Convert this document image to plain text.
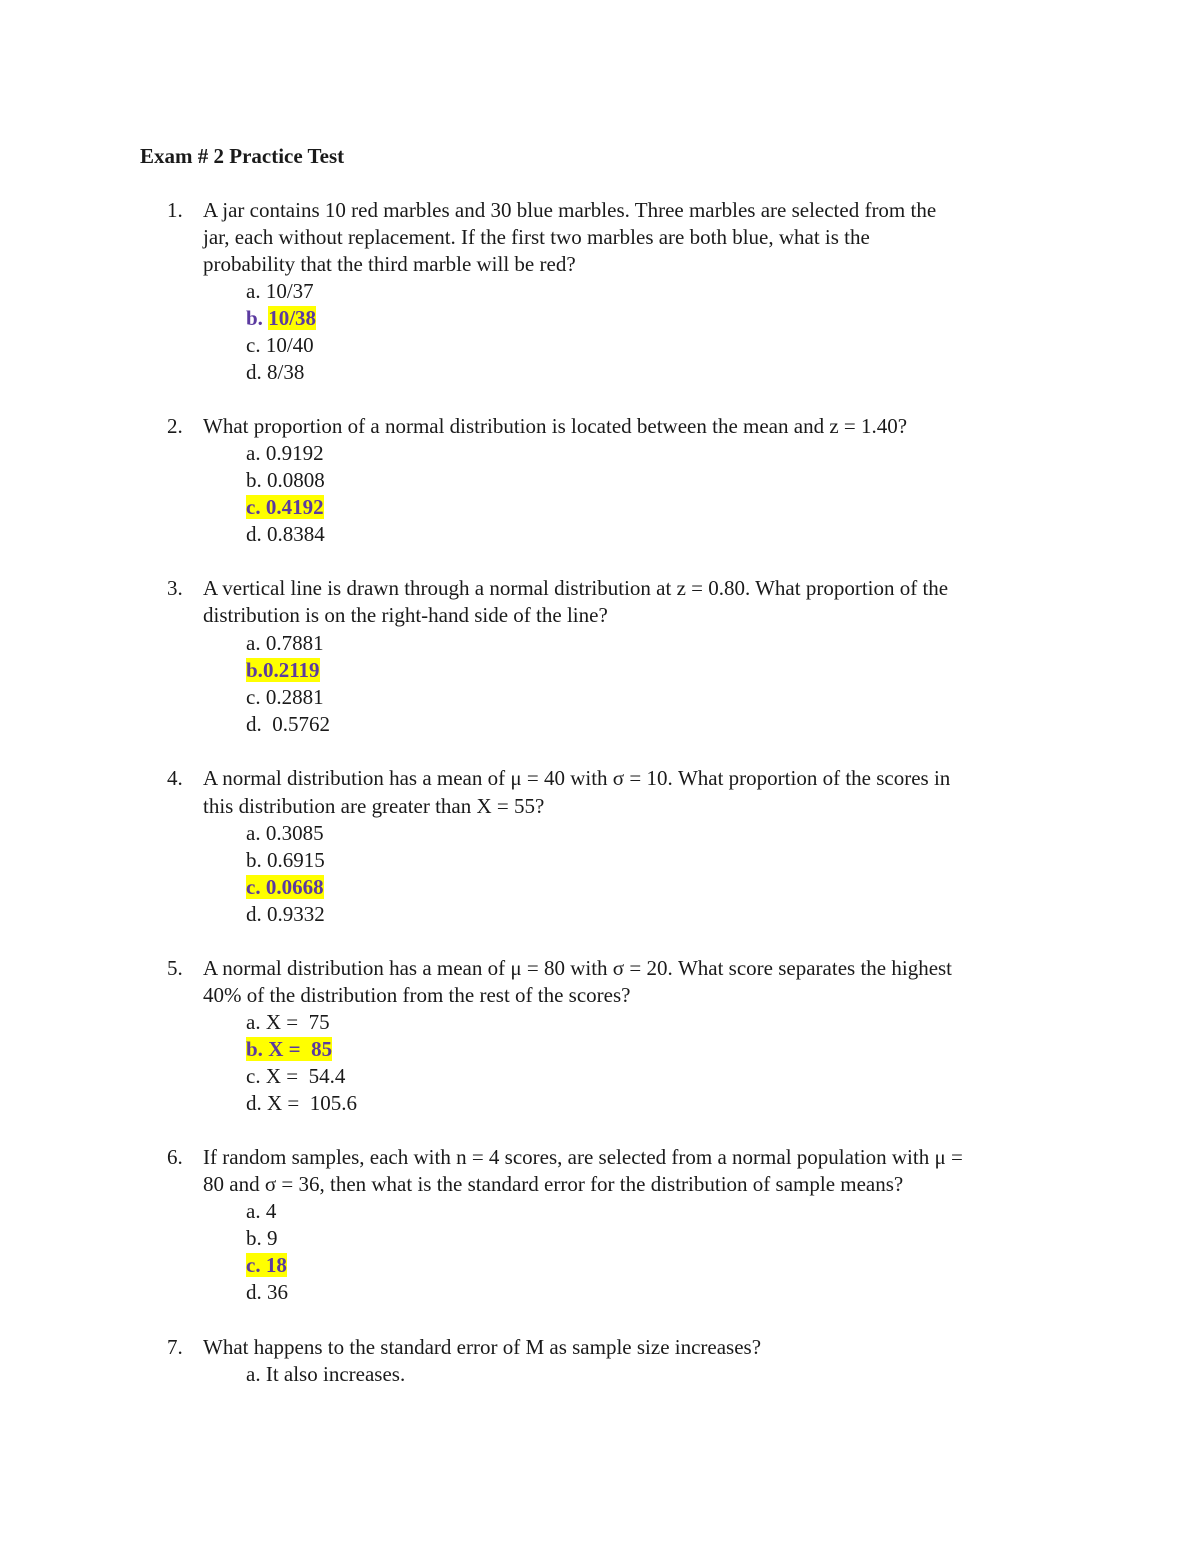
Exam # 2 Practice Test
1. A jar contains 10 red marbles and 30 blue marbles. Three marbles are selected from the
jar, each without replacement. If the first two marbles are both blue, what is the
probability that the third marble will be red?
a. 10/37
b. 10/38
c. 10/40
d. 8/38
2. What proportion of a normal distribution is located between the mean and z = 1.40?
a. 0.9192
b. 0.0808
c. 0.4192
d. 0.8384
3. A vertical line is drawn through a normal distribution at z = 0.80. What proportion of the
distribution is on the right-hand side of the line?
a. 0.7881
b.0.2119
c. 0.2881
d.  0.5762
4. A normal distribution has a mean of μ = 40 with σ = 10. What proportion of the scores in
this distribution are greater than X = 55?
a. 0.3085
b. 0.6915
c. 0.0668
d. 0.9332
5. A normal distribution has a mean of μ = 80 with σ = 20. What score separates the highest
40% of the distribution from the rest of the scores?
a. X =  75
b. X =  85
c. X =  54.4
d. X =  105.6
6. If random samples, each with n = 4 scores, are selected from a normal population with μ =
80 and σ = 36, then what is the standard error for the distribution of sample means?
a. 4
b. 9
c. 18
d. 36
7. What happens to the standard error of M as sample size increases?
a. It also increases.
